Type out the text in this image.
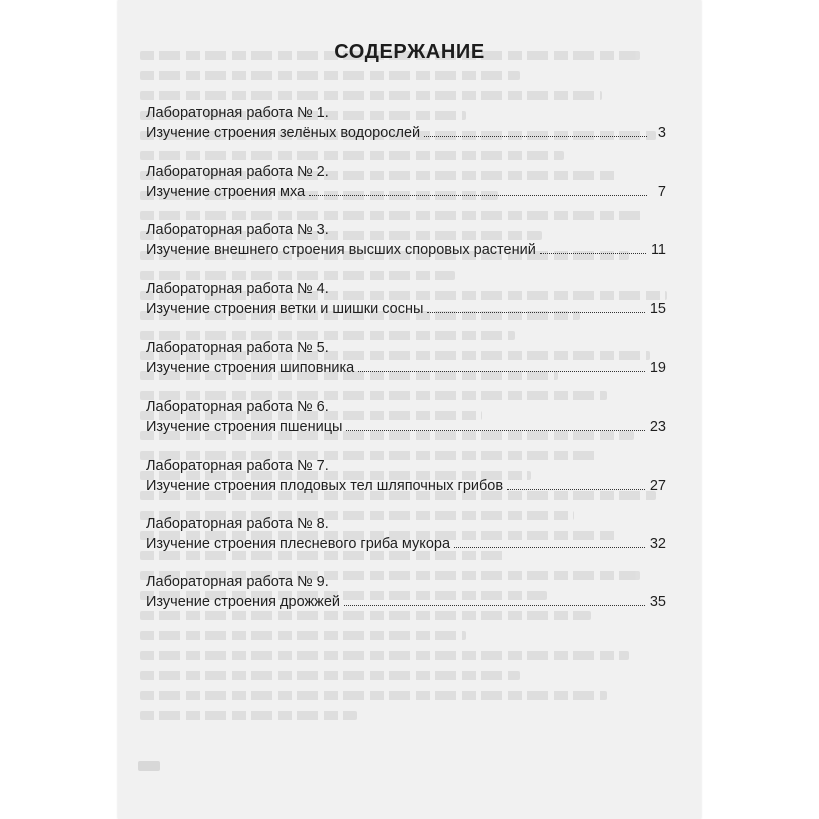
СОДЕРЖАНИЕ
Лабораторная работа № 1.
Изучение строения зелёных водорослей	3
Лабораторная работа № 2.
Изучение строения мха	7
Лабораторная работа № 3.
Изучение внешнего строения высших споровых растений	11
Лабораторная работа № 4.
Изучение строения ветки и шишки сосны	15
Лабораторная работа № 5.
Изучение строения шиповника	19
Лабораторная работа № 6.
Изучение строения пшеницы	23
Лабораторная работа № 7.
Изучение строения плодовых тел шляпочных грибов	27
Лабораторная работа № 8.
Изучение строения плесневого гриба мукора	32
Лабораторная работа № 9.
Изучение строения дрожжей	35
